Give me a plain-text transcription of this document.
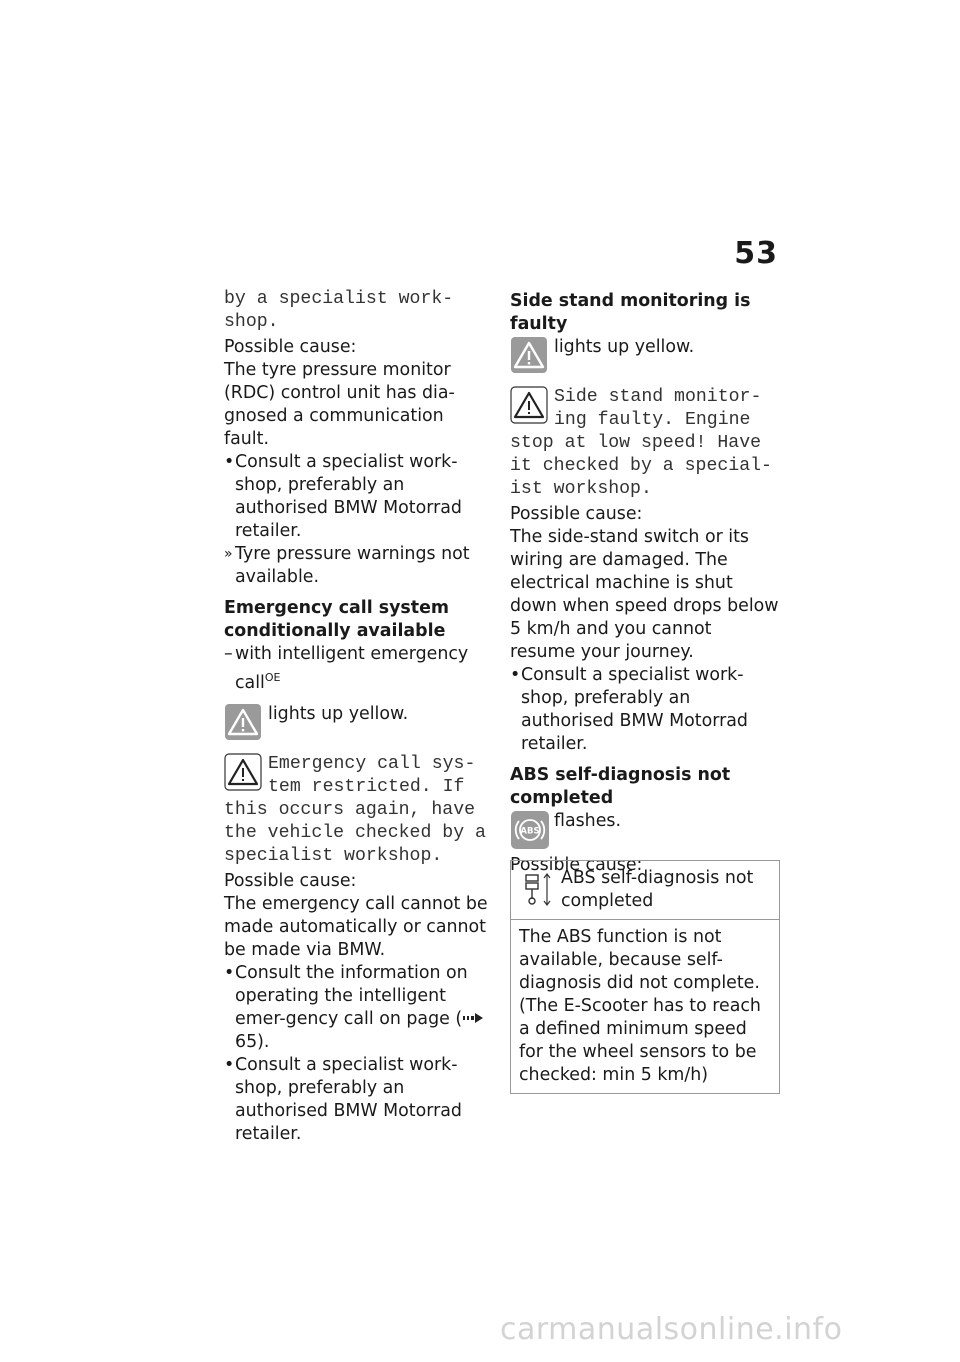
53

by a specialist work-
shop.

Possible cause:

The tyre pressure monitor (RDC) control unit has dia-gnosed a communication fault.

• Consult a specialist work-shop, preferably an authorised BMW Motorrad retailer.
» Tyre pressure warnings not available.

Emergency call system conditionally available

– with intelligent emergency call$^{OE}$

lights up yellow.

Emergency call sys-tem restricted. If this occurs again, have the vehicle checked by a specialist workshop.

Possible cause:

The emergency call cannot be made automatically or cannot be made via BMW.

• Consult the information on operating the intelligent emer-gency call on page (65).
• Consult a specialist work-shop, preferably an authorised BMW Motorrad retailer.

Side stand monitoring is faulty

lights up yellow.

Side stand monitor-ing faulty. Engine stop at low speed! Have it checked by a special-ist workshop.

Possible cause:

The side-stand switch or its wiring are damaged. The electrical machine is shut down when speed drops below 5 km/h and you cannot resume your journey.

• Consult a specialist work-shop, preferably an authorised BMW Motorrad retailer.

ABS self-diagnosis not completed

ABS

flashes.

Possible cause:

ABS self-diagnosis not completed

The ABS function is not available, because self-diagnosis did not complete. (The E-Scooter has to reach a defined minimum speed for the wheel sensors to be checked: min 5 km/h)

carmanualsonline.info
